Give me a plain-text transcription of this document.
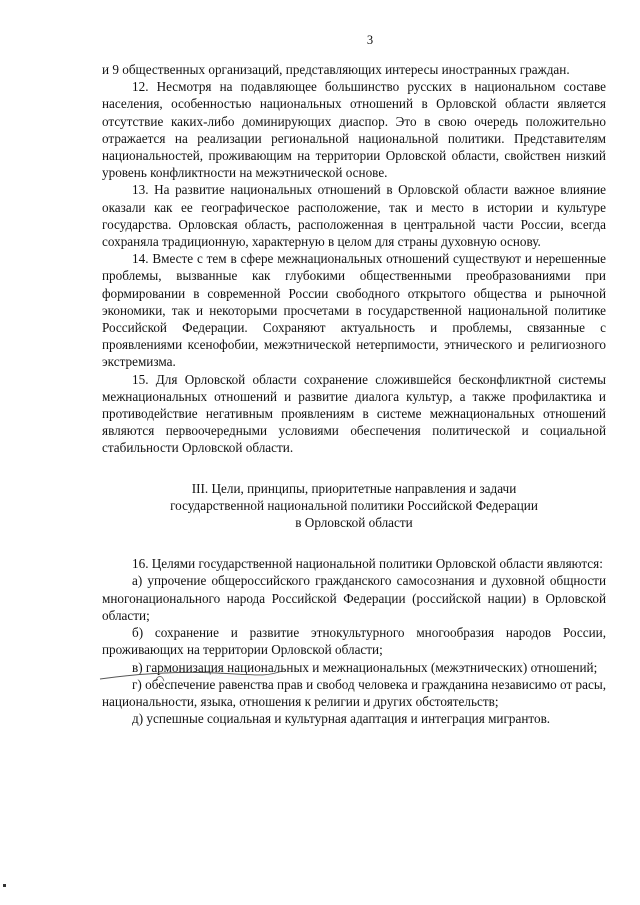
3

и 9 общественных организаций, представляющих интересы иностранных граждан.

12. Несмотря на подавляющее большинство русских в национальном составе населения, особенностью национальных отношений в Орловской области является отсутствие каких-либо доминирующих диаспор. Это в свою очередь положительно отражается на реализации региональной национальной политики. Представителям национальностей, проживающим на территории Орловской области, свойствен низкий уровень конфликтности на межэтнической основе.

13. На развитие национальных отношений в Орловской области важное влияние оказали как ее географическое расположение, так и место в истории и культуре государства. Орловская область, расположенная в центральной части России, всегда сохраняла традиционную, характерную в целом для страны духовную основу.

14. Вместе с тем в сфере межнациональных отношений существуют и нерешенные проблемы, вызванные как глубокими общественными преобразованиями при формировании в современной России свободного открытого общества и рыночной экономики, так и некоторыми просчетами в государственной национальной политике Российской Федерации. Сохраняют актуальность и проблемы, связанные с проявлениями ксенофобии, межэтнической нетерпимости, этнического и религиозного экстремизма.

15. Для Орловской области сохранение сложившейся бесконфликтной системы межнациональных отношений и развитие диалога культур, а также профилактика и противодействие негативным проявлениям в системе межнациональных отношений являются первоочередными условиями обеспечения политической и социальной стабильности Орловской области.

III. Цели, принципы, приоритетные направления и задачи
государственной национальной политики Российской Федерации
в Орловской области

16. Целями государственной национальной политики Орловской области являются:

а) упрочение общероссийского гражданского самосознания и духовной общности многонационального народа Российской Федерации (российской нации) в Орловской области;

б) сохранение и развитие этнокультурного многообразия народов России, проживающих на территории Орловской области;

в) гармонизация национальных и межнациональных (межэтнических) отношений;

г) обеспечение равенства прав и свобод человека и гражданина независимо от расы, национальности, языка, отношения к религии и других обстоятельств;

д) успешные социальная и культурная адаптация и интеграция мигрантов.
